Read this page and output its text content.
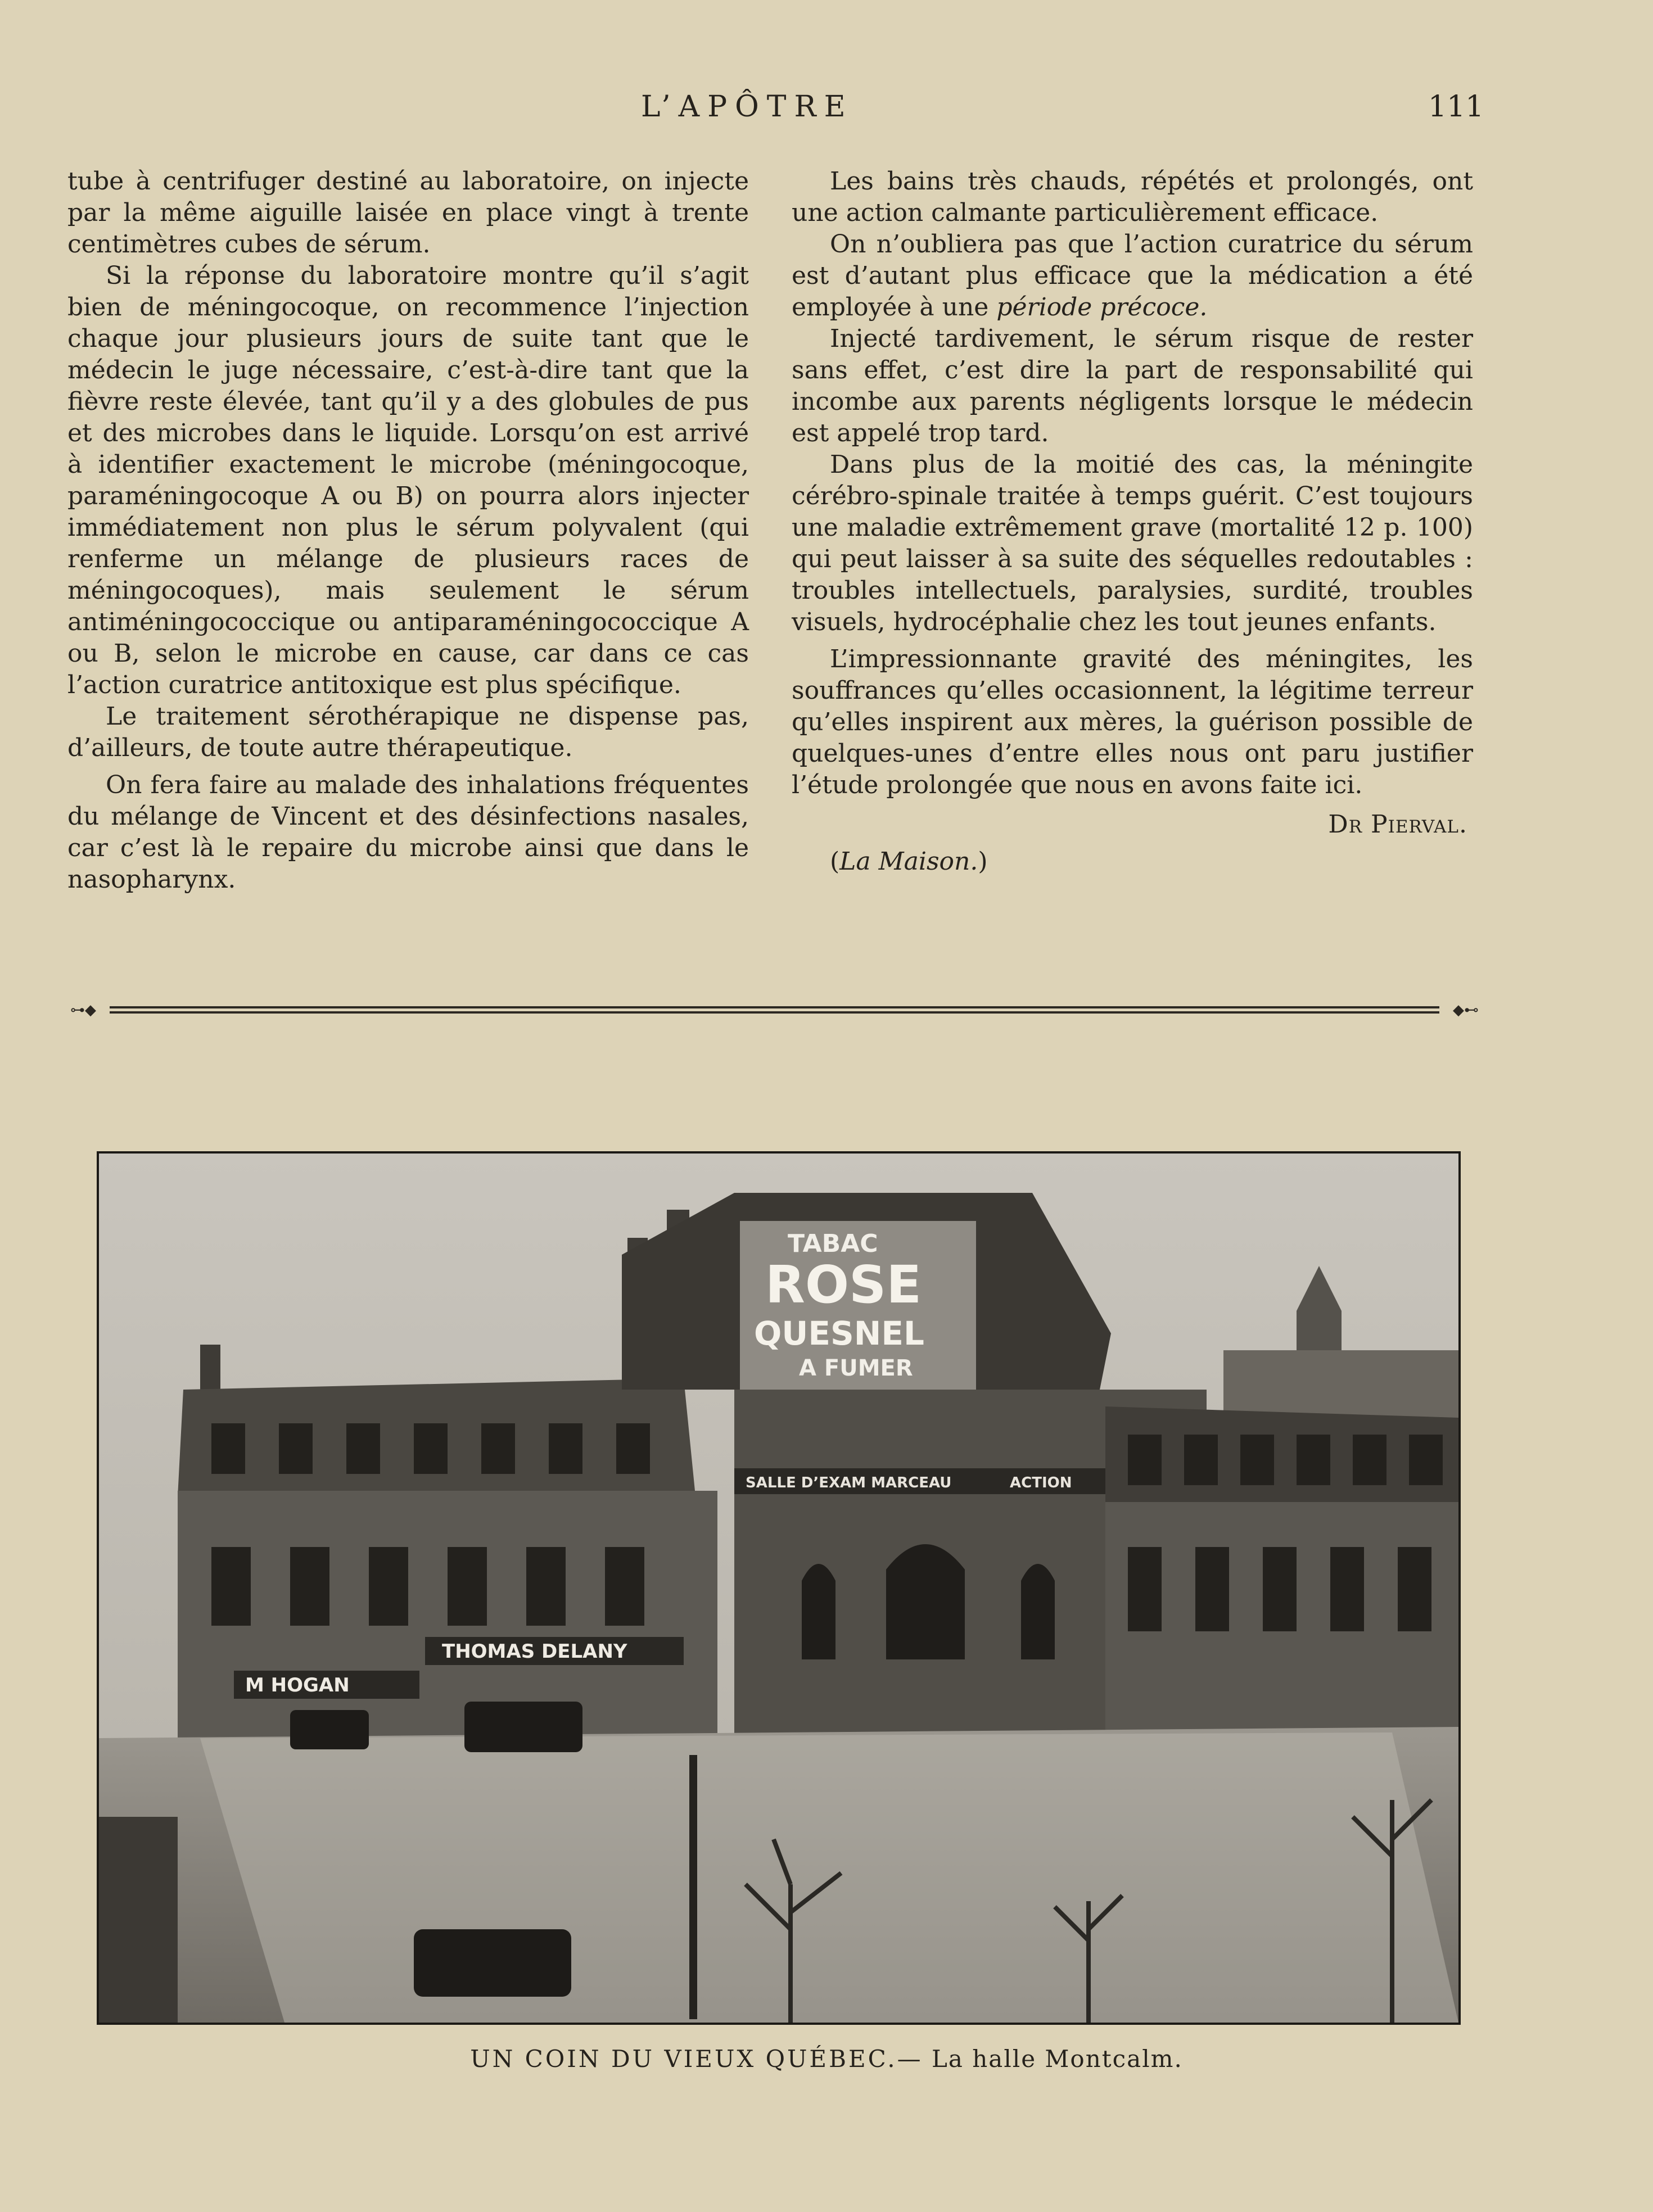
L’APÔTRE	111

tube à centrifuger destiné au laboratoire, on injecte par la même aiguille laisée en place vingt à trente centimètres cubes de sérum.

Si la réponse du laboratoire montre qu’il s’agit bien de méningocoque, on recommence l’injection chaque jour plusieurs jours de suite tant que le médecin le juge nécessaire, c’est-à-dire tant que la fièvre reste élevée, tant qu’il y a des globules de pus et des microbes dans le liquide. Lorsqu’on est arrivé à identifier exactement le microbe (méningocoque, paraméningocoque A ou B) on pourra alors injecter immédiatement non plus le sérum polyvalent (qui renferme un mélange de plusieurs races de méningocoques), mais seulement le sérum antiméningococcique ou antiparaméningococcique A ou B, selon le microbe en cause, car dans ce cas l’action curatrice antitoxique est plus spécifique.

Le traitement sérothérapique ne dispense pas, d’ailleurs, de toute autre thérapeutique.

On fera faire au malade des inhalations fréquentes du mélange de Vincent et des désinfections nasales, car c’est là le repaire du microbe ainsi que dans le nasopharynx.

Les bains très chauds, répétés et prolongés, ont une action calmante particulièrement efficace.

On n’oubliera pas que l’action curatrice du sérum est d’autant plus efficace que la médication a été employée à une période précoce.

Injecté tardivement, le sérum risque de rester sans effet, c’est dire la part de responsabilité qui incombe aux parents négligents lorsque le médecin est appelé trop tard.

Dans plus de la moitié des cas, la méningite cérébro-spinale traitée à temps guérit. C’est toujours une maladie extrêmement grave (mortalité 12 p. 100) qui peut laisser à sa suite des séquelles redoutables : troubles intellectuels, paralysies, surdité, troubles visuels, hydrocéphalie chez les tout jeunes enfants.

L’impressionnante gravité des méningites, les souffrances qu’elles occasionnent, la légitime terreur qu’elles inspirent aux mères, la guérison possible de quelques-unes d’entre elles nous ont paru justifier l’étude prolongée que nous en avons faite ici.

Dr Pierval.
(La Maison.)
⊶◆	◆⊷
TABAC
ROSE
QUESNEL
A FUMER
SALLE D’EXAM MARCEAU	ACTION
THOMAS DELANY
M HOGAN
UN COIN DU VIEUX QUÉBEC.— La halle Montcalm.
